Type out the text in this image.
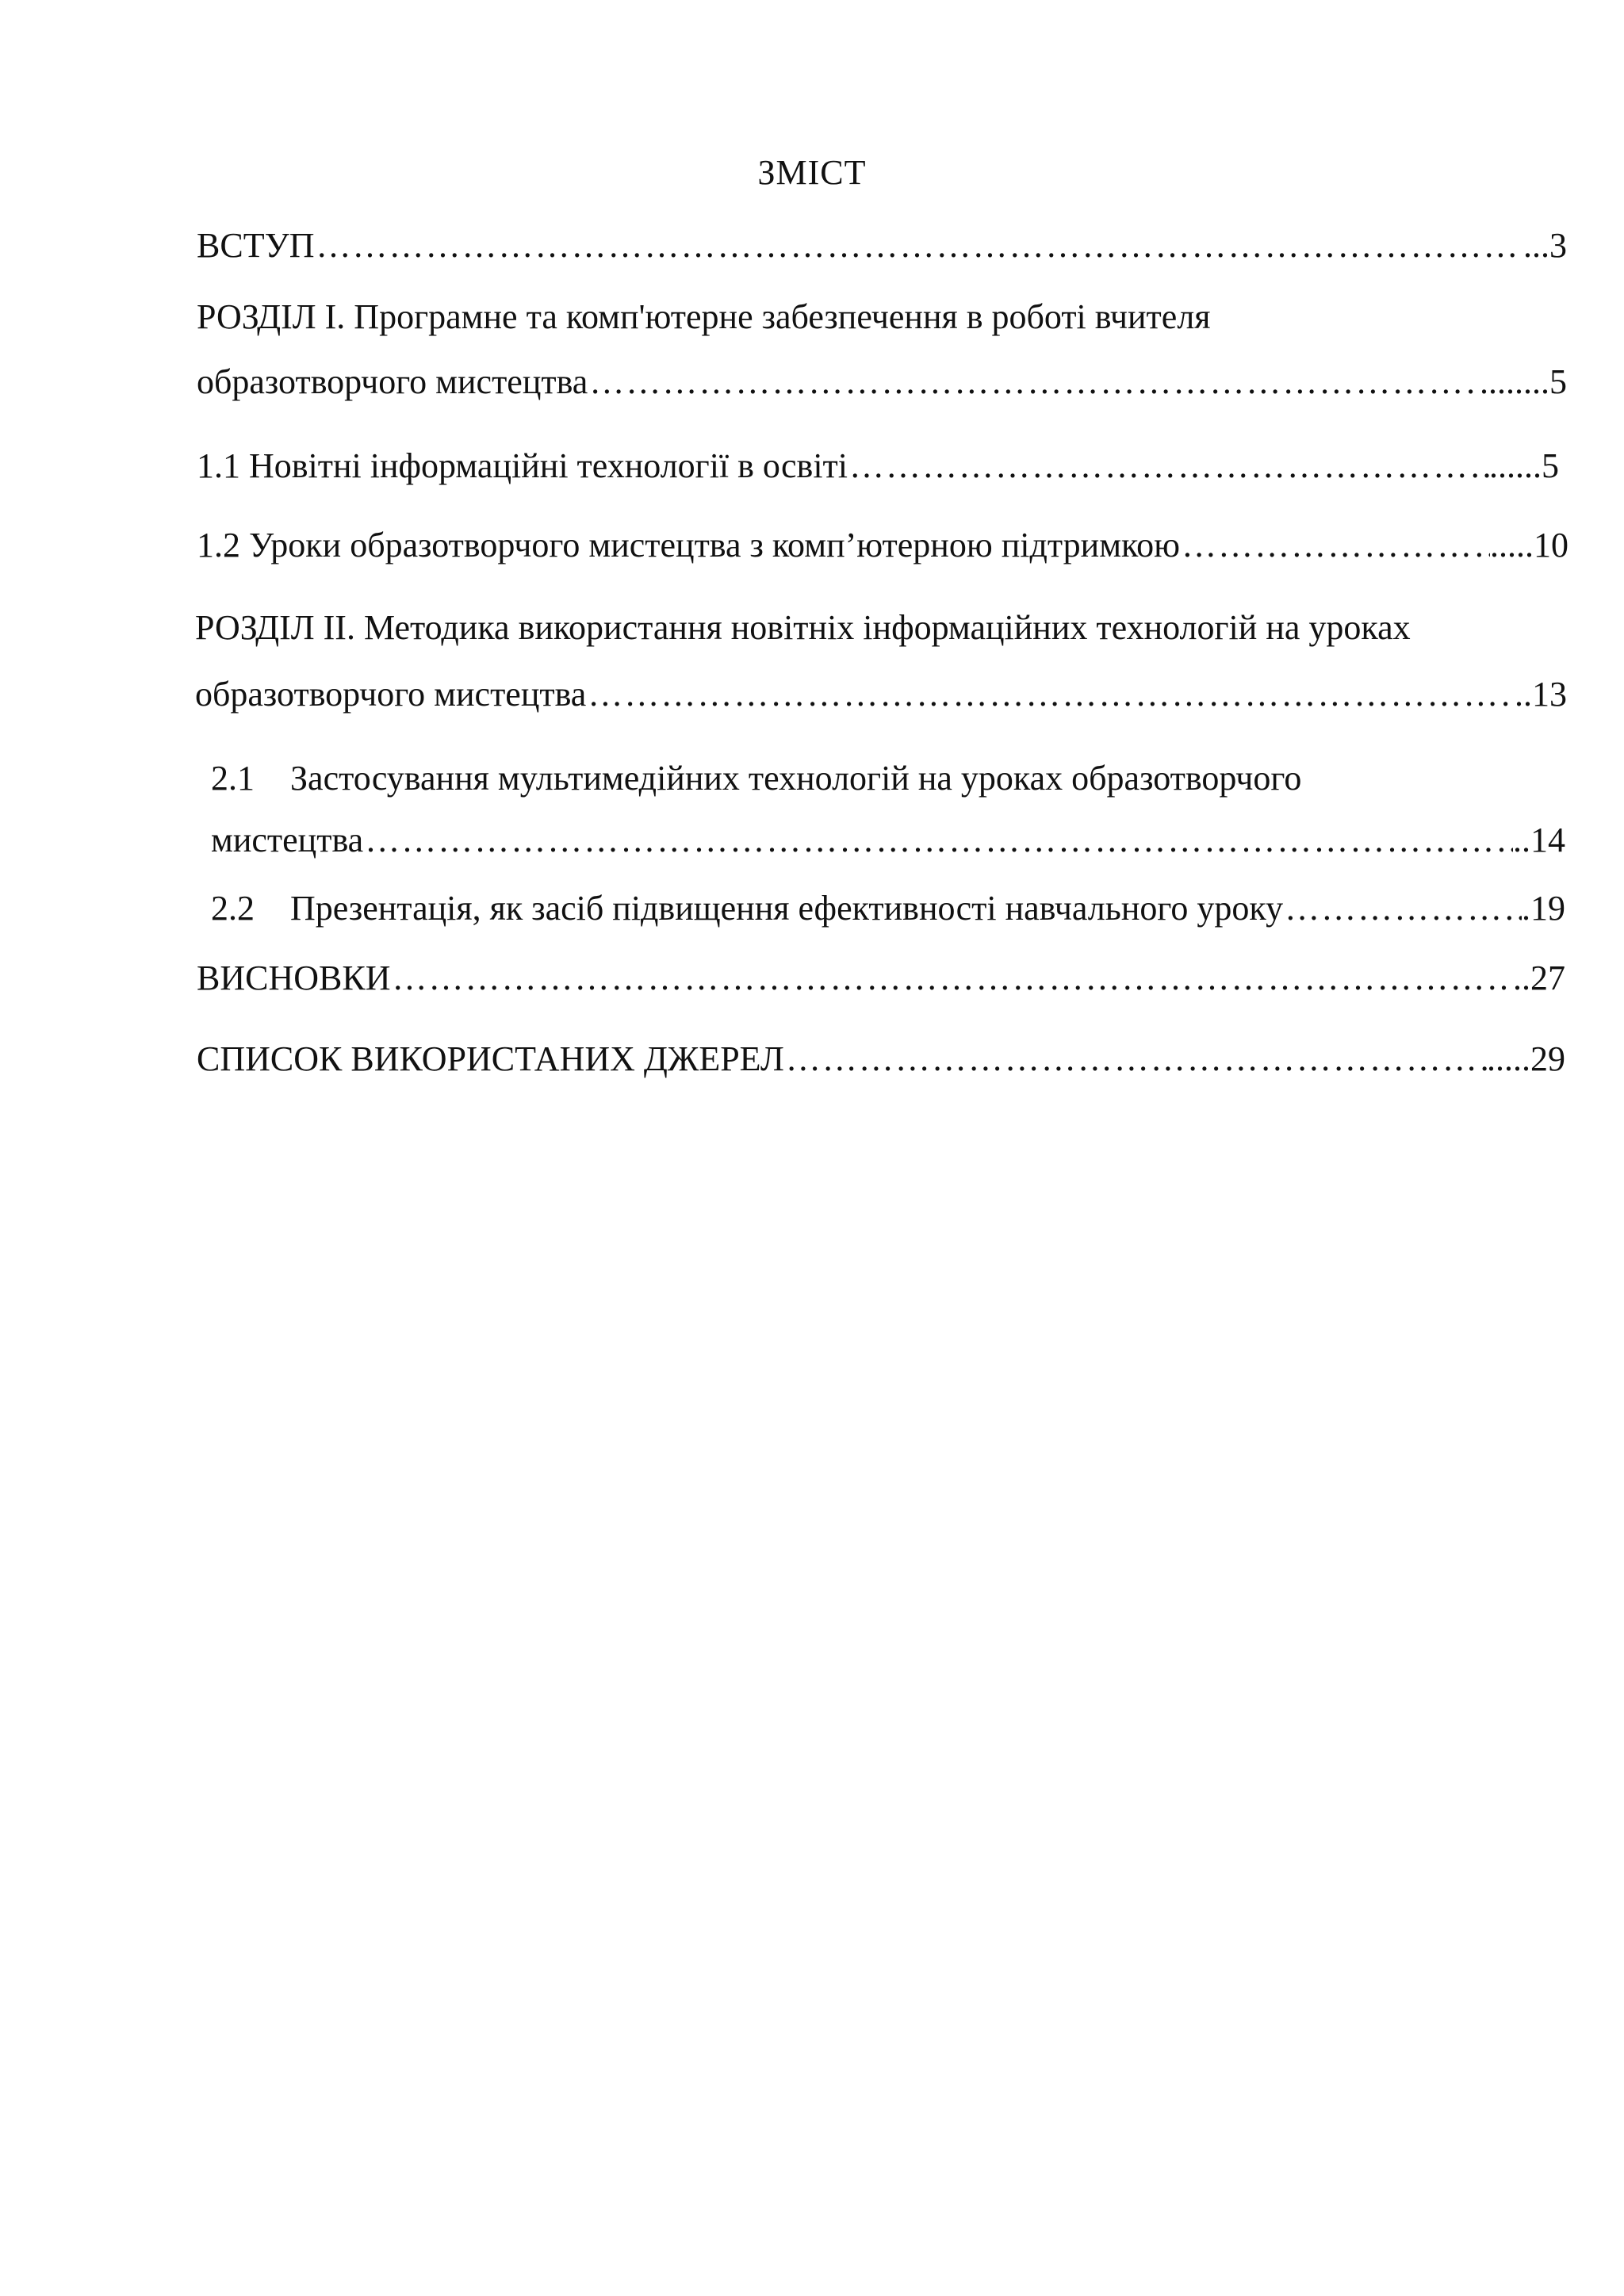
ЗМІСТ
ВСТУП ……………………………………………………………………………………………………………………………………………………………………………………………………	...3
РОЗДІЛ І. Програмне та комп'ютерне забезпечення в роботі вчителя
образотворчого мистецтва ……………………………………………………………………………………………………………………………………………………………………………………………………	........5
1.1 Новітні інформаційні технології в освіті ……………………………………………………………………………………………………………………………………………………………………………………………………	......5
1.2 Уроки образотворчого мистецтва з комп’ютерною підтримкою ……………………………………………………………………………………………………………………………………………………………………………………………………	.....10
РОЗДІЛ ІІ. Методика використання новітніх інформаційних технологій на уроках
образотворчого мистецтва ……………………………………………………………………………………………………………………………………………………………………………………………………	..13
2.1 Застосування мультимедійних технологій на уроках образотворчого
мистецтва ……………………………………………………………………………………………………………………………………………………………………………………………………	..14
2.2 Презентація, як засіб підвищення ефективності навчального уроку ……………………………………………………………………………………………………………………………………………………………………………………………………	.19
ВИСНОВКИ ……………………………………………………………………………………………………………………………………………………………………………………………………	..27
СПИСОК ВИКОРИСТАНИХ ДЖЕРЕЛ ……………………………………………………………………………………………………………………………………………………………………………………………………	.....29
